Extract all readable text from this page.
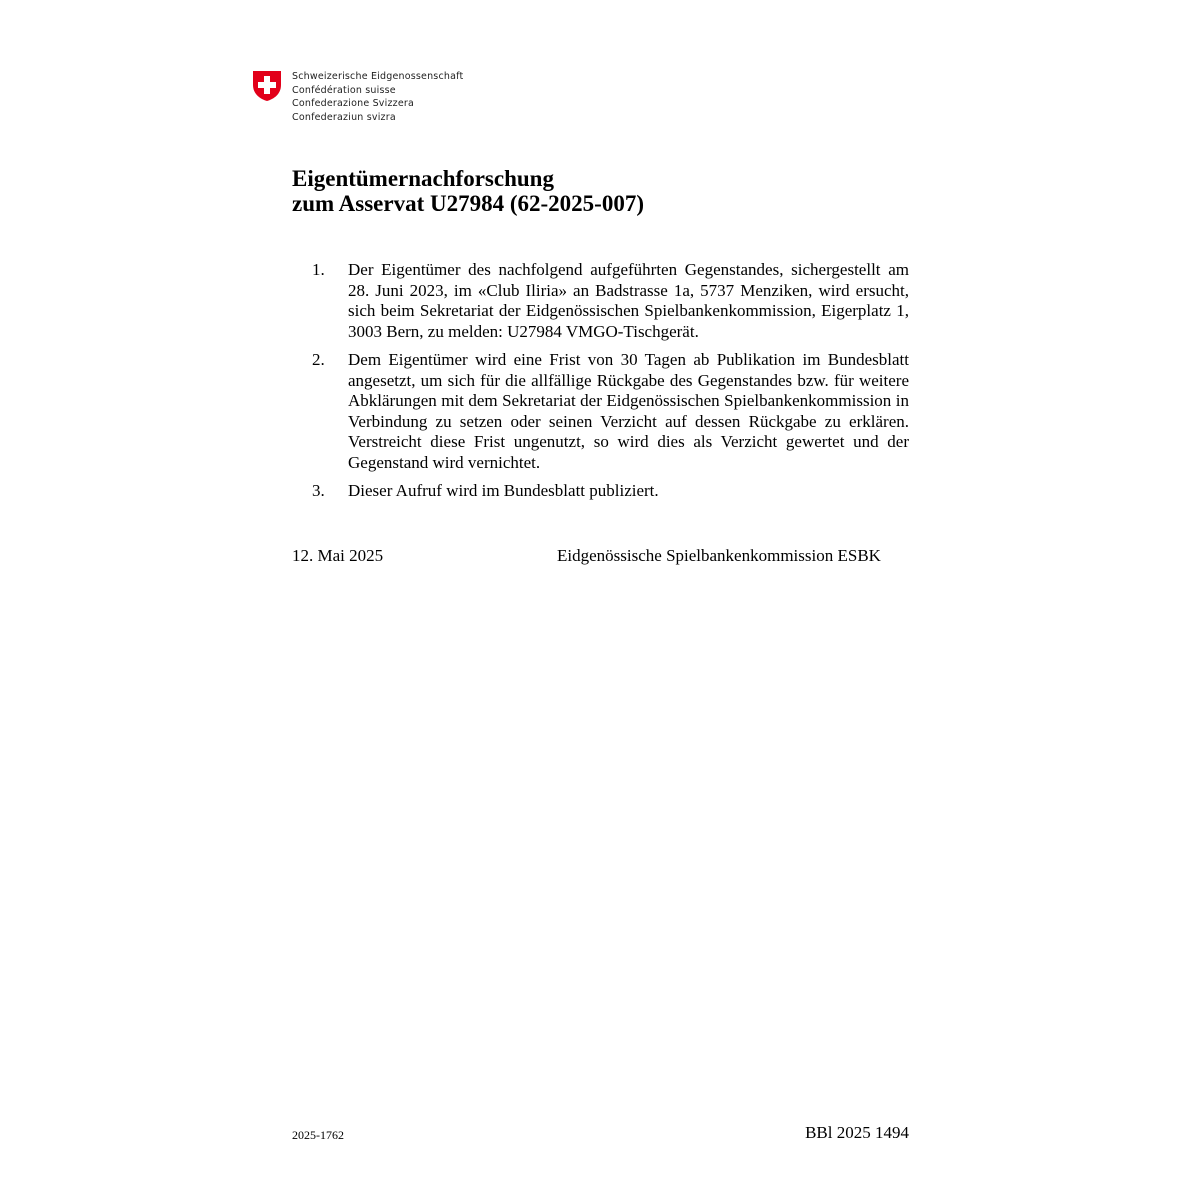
Schweizerische Eidgenossenschaft
Confédération suisse
Confederazione Svizzera
Confederaziun svizra
Eigentümernachforschung
zum Asservat U27984 (62-2025-007)
1. Der Eigentümer des nachfolgend aufgeführten Gegenstandes, sichergestellt am 28. Juni 2023, im «Club Iliria» an Badstrasse 1a, 5737 Menziken, wird ersucht, sich beim Sekretariat der Eidgenössischen Spielbankenkommission, Eigerplatz 1, 3003 Bern, zu melden: U27984 VMGO-Tischgerät.
2. Dem Eigentümer wird eine Frist von 30 Tagen ab Publikation im Bundesblatt angesetzt, um sich für die allfällige Rückgabe des Gegenstandes bzw. für weitere Abklärungen mit dem Sekretariat der Eidgenössischen Spielbankenkommission in Verbindung zu setzen oder seinen Verzicht auf dessen Rückgabe zu erklären. Verstreicht diese Frist ungenutzt, so wird dies als Verzicht gewertet und der Gegenstand wird vernichtet.
3. Dieser Aufruf wird im Bundesblatt publiziert.
12. Mai 2025	Eidgenössische Spielbankenkommission ESBK
2025-1762	BBl 2025 1494
